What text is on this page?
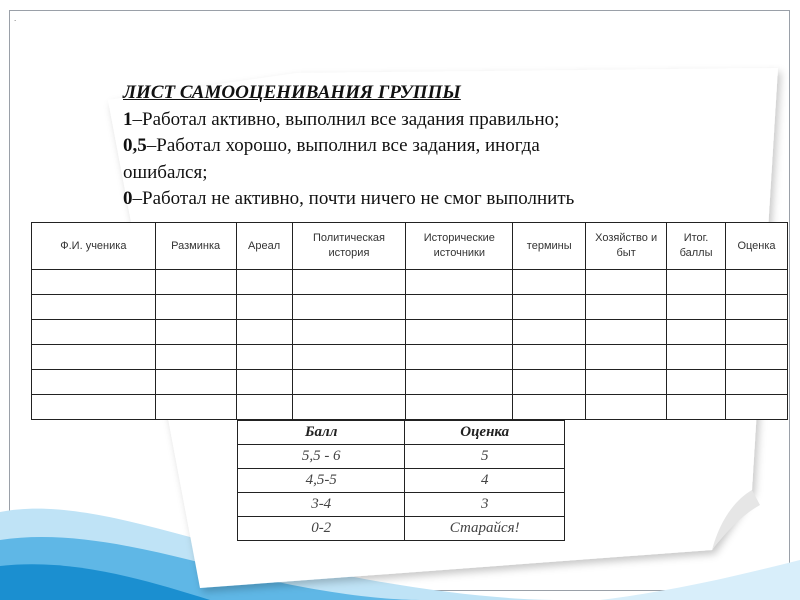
.
ЛИСТ САМООЦЕНИВАНИЯ ГРУППЫ
1–Работал активно, выполнил все задания правильно;
0,5–Работал хорошо, выполнил все задания, иногда
ошибался;
0–Работал не активно, почти ничего не смог выполнить
Ф.И. ученика	Разминка	Ареал	Политическая история	Исторические источники	термины	Хозяйство и быт	Итог. баллы	Оценка

Балл	Оценка
5,5 - 6	5
4,5-5	4
3-4	3
0-2	Старайся!
